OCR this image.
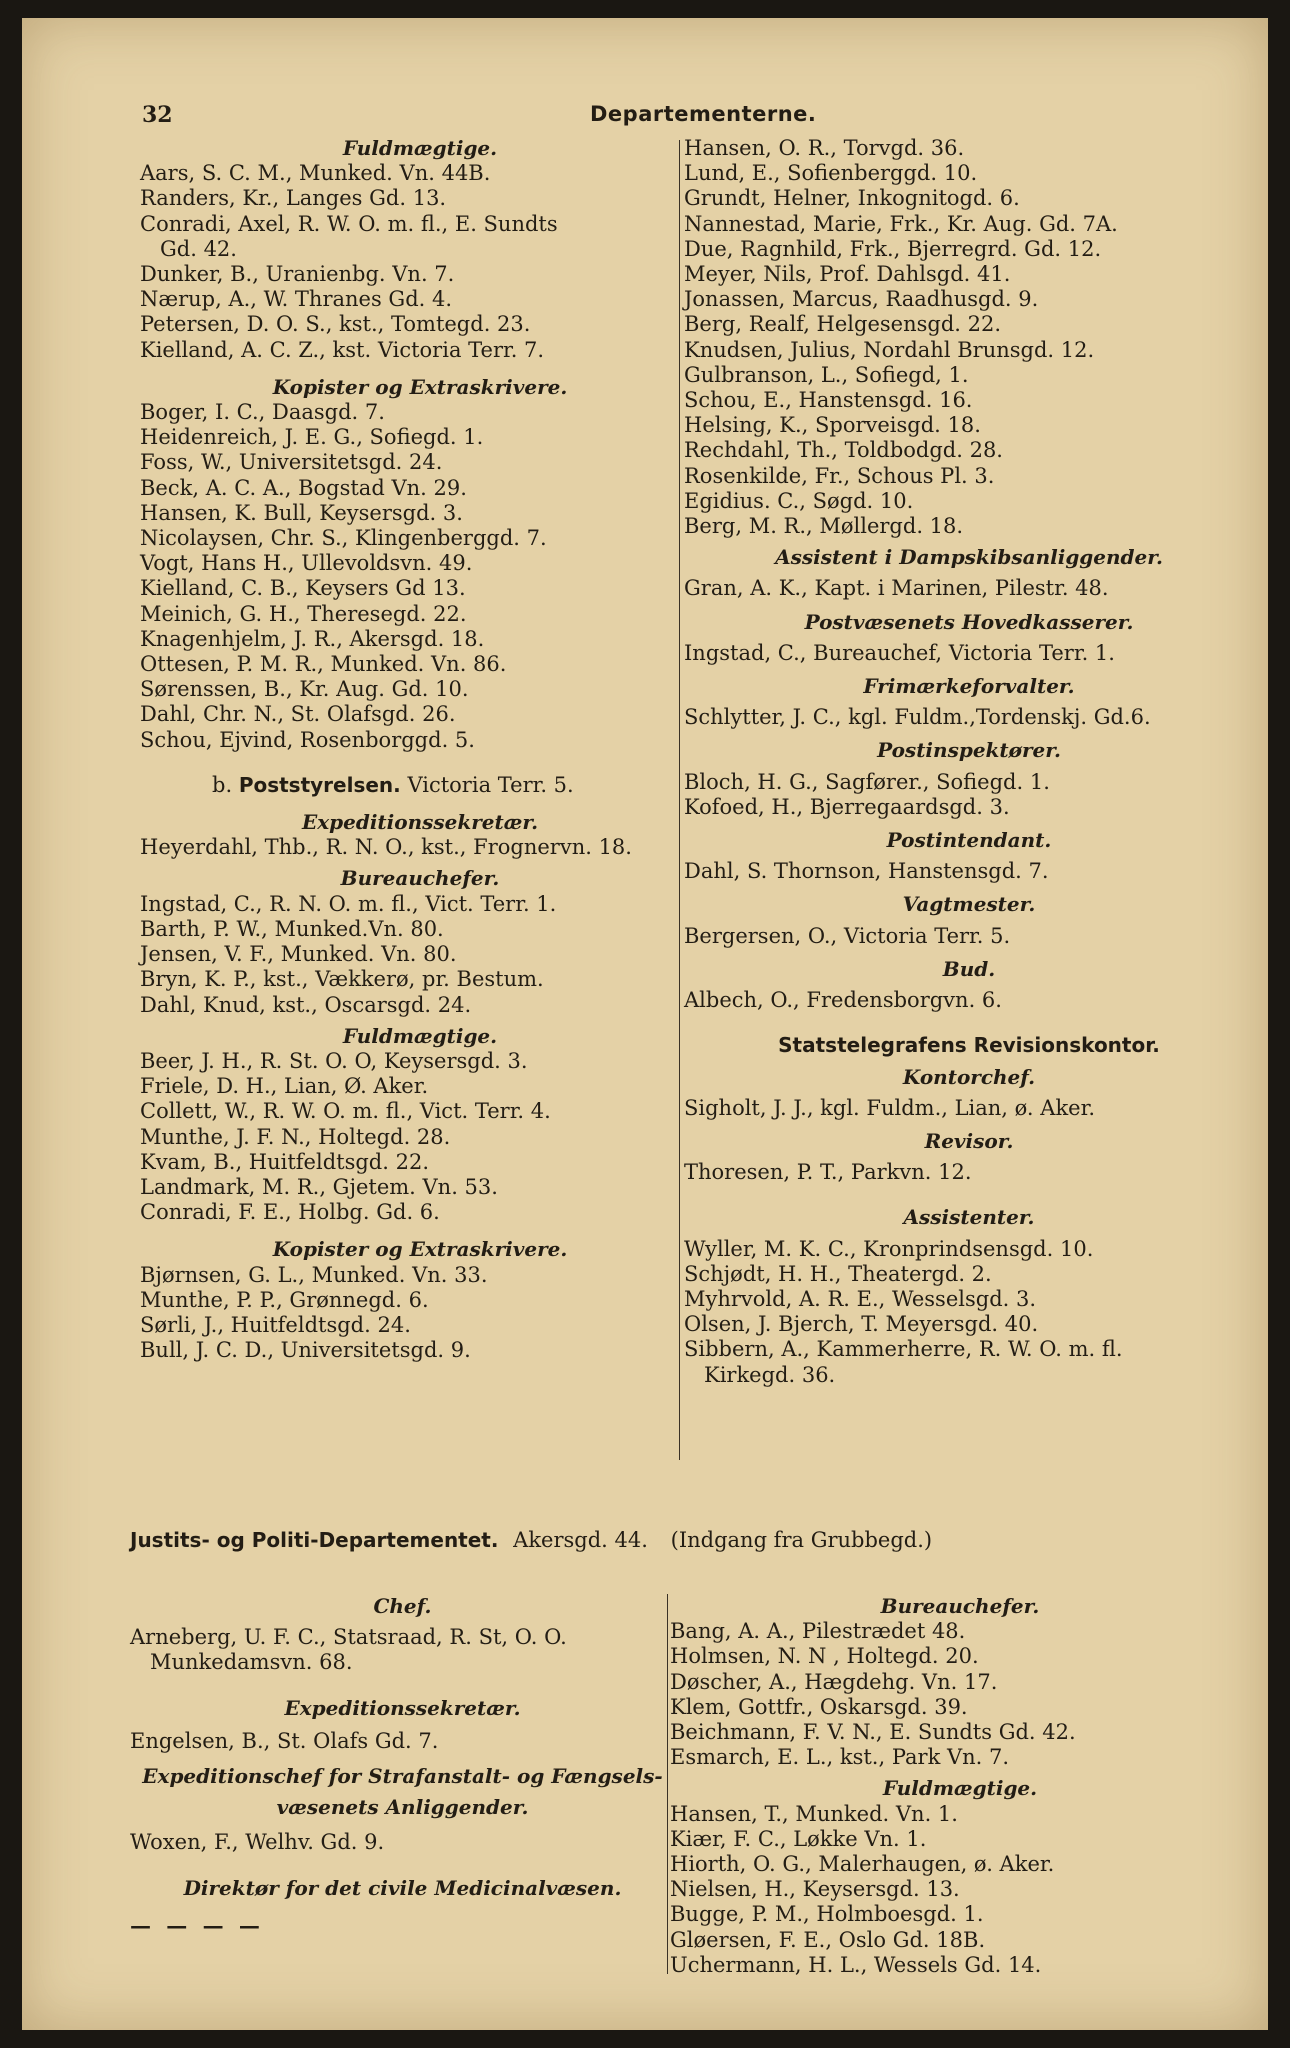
32	Departementerne.
Fuldmægtige.
Aars, S. C. M., Munked. Vn. 44B.
Randers, Kr., Langes Gd. 13.
Conradi, Axel, R. W. O. m. fl., E. Sundts
Gd. 42.
Dunker, B., Uranienbg. Vn. 7.
Nærup, A., W. Thranes Gd. 4.
Petersen, D. O. S., kst., Tomtegd. 23.
Kielland, A. C. Z., kst. Victoria Terr. 7.
Kopister og Extraskrivere.
Boger, I. C., Daasgd. 7.
Heidenreich, J. E. G., Sofiegd. 1.
Foss, W., Universitetsgd. 24.
Beck, A. C. A., Bogstad Vn. 29.
Hansen, K. Bull, Keysersgd. 3.
Nicolaysen, Chr. S., Klingenberggd. 7.
Vogt, Hans H., Ullevoldsvn. 49.
Kielland, C. B., Keysers Gd 13.
Meinich, G. H., Theresegd. 22.
Knagenhjelm, J. R., Akersgd. 18.
Ottesen, P. M. R., Munked. Vn. 86.
Sørenssen, B., Kr. Aug. Gd. 10.
Dahl, Chr. N., St. Olafsgd. 26.
Schou, Ejvind, Rosenborggd. 5.
b. Poststyrelsen. Victoria Terr. 5.
Expeditionssekretær.
Heyerdahl, Thb., R. N. O., kst., Frognervn. 18.
Bureauchefer.
Ingstad, C., R. N. O. m. fl., Vict. Terr. 1.
Barth, P. W., Munked.Vn. 80.
Jensen, V. F., Munked. Vn. 80.
Bryn, K. P., kst., Vækkerø, pr. Bestum.
Dahl, Knud, kst., Oscarsgd. 24.
Fuldmægtige.
Beer, J. H., R. St. O. O, Keysersgd. 3.
Friele, D. H., Lian, Ø. Aker.
Collett, W., R. W. O. m. fl., Vict. Terr. 4.
Munthe, J. F. N., Holtegd. 28.
Kvam, B., Huitfeldtsgd. 22.
Landmark, M. R., Gjetem. Vn. 53.
Conradi, F. E., Holbg. Gd. 6.
Kopister og Extraskrivere.
Bjørnsen, G. L., Munked. Vn. 33.
Munthe, P. P., Grønnegd. 6.
Sørli, J., Huitfeldtsgd. 24.
Bull, J. C. D., Universitetsgd. 9.
Hansen, O. R., Torvgd. 36.
Lund, E., Sofienberggd. 10.
Grundt, Helner, Inkognitogd. 6.
Nannestad, Marie, Frk., Kr. Aug. Gd. 7A.
Due, Ragnhild, Frk., Bjerregrd. Gd. 12.
Meyer, Nils, Prof. Dahlsgd. 41.
Jonassen, Marcus, Raadhusgd. 9.
Berg, Realf, Helgesensgd. 22.
Knudsen, Julius, Nordahl Brunsgd. 12.
Gulbranson, L., Sofiegd, 1.
Schou, E., Hanstensgd. 16.
Helsing, K., Sporveisgd. 18.
Rechdahl, Th., Toldbodgd. 28.
Rosenkilde, Fr., Schous Pl. 3.
Egidius. C., Søgd. 10.
Berg, M. R., Møllergd. 18.
Assistent i Dampskibsanliggender.
Gran, A. K., Kapt. i Marinen, Pilestr. 48.
Postvæsenets Hovedkasserer.
Ingstad, C., Bureauchef, Victoria Terr. 1.
Frimærkeforvalter.
Schlytter, J. C., kgl. Fuldm.,Tordenskj. Gd.6.
Postinspektører.
Bloch, H. G., Sagfører., Sofiegd. 1.
Kofoed, H., Bjerregaardsgd. 3.
Postintendant.
Dahl, S. Thornson, Hanstensgd. 7.
Vagtmester.
Bergersen, O., Victoria Terr. 5.
Bud.
Albech, O., Fredensborgvn. 6.
Statstelegrafens Revisionskontor.
Kontorchef.
Sigholt, J. J., kgl. Fuldm., Lian, ø. Aker.
Revisor.
Thoresen, P. T., Parkvn. 12.
Assistenter.
Wyller, M. K. C., Kronprindsensgd. 10.
Schjødt, H. H., Theatergd. 2.
Myhrvold, A. R. E., Wesselsgd. 3.
Olsen, J. Bjerch, T. Meyersgd. 40.
Sibbern, A., Kammerherre, R. W. O. m. fl.
Kirkegd. 36.
Justits- og Politi-Departementet. Akersgd. 44. (Indgang fra Grubbegd.)
Chef.
Arneberg, U. F. C., Statsraad, R. St, O. O.
Munkedamsvn. 68.
Expeditionssekretær.
Engelsen, B., St. Olafs Gd. 7.
Expeditionschef for Strafanstalt- og Fængsels-
væsenets Anliggender.
Woxen, F., Welhv. Gd. 9.
Direktør for det civile Medicinalvæsen.
— — — —
Bureauchefer.
Bang, A. A., Pilestrædet 48.
Holmsen, N. N , Holtegd. 20.
Døscher, A., Hægdehg. Vn. 17.
Klem, Gottfr., Oskarsgd. 39.
Beichmann, F. V. N., E. Sundts Gd. 42.
Esmarch, E. L., kst., Park Vn. 7.
Fuldmægtige.
Hansen, T., Munked. Vn. 1.
Kiær, F. C., Løkke Vn. 1.
Hiorth, O. G., Malerhaugen, ø. Aker.
Nielsen, H., Keysersgd. 13.
Bugge, P. M., Holmboesgd. 1.
Gløersen, F. E., Oslo Gd. 18B.
Uchermann, H. L., Wessels Gd. 14.
